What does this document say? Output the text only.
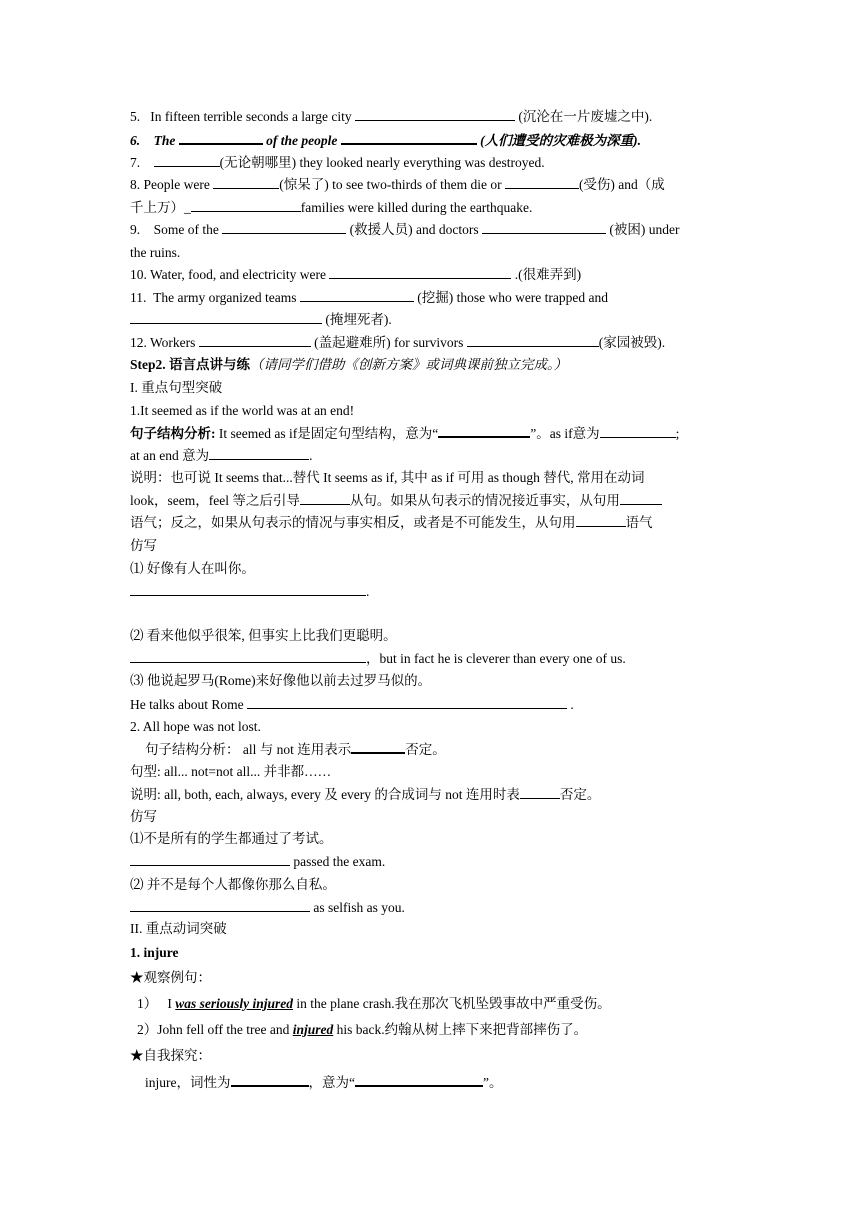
5.   In fifteen terrible seconds a large city	(沉沦在一片废墟之中).
6.    The	of the people	(人们遭受的灾难极为深重).
7.	(无论朝哪里) they looked nearly everything was destroyed.
8. People were	(惊呆了) to see two-thirds of them die or	(受伤) and（成
千上万）_	families were killed during the earthquake.
9.    Some of the	(救援人员) and doctors	(被困) under
the ruins.
10. Water, food, and electricity were	.(很难弄到)
11.  The army organized teams	(挖掘) those who were trapped and
(掩埋死者).
12. Workers	(盖起避难所) for survivors	(家园被毁).
Step2. 语言点讲与练（请同学们借助《创新方案》或词典课前独立完成。）
I. 重点句型突破
1.It seemed as if the world was at an end!
句子结构分析: It seemed as if是固定句型结构，意为“	”。as if意为	;
at an end 意为	.
说明：也可说 It seems that...替代 It seems as if, 其中 as if 可用 as though 替代, 常用在动词
look，seem，feel 等之后引导	从句。如果从句表示的情况接近事实，从句用
语气；反之，如果从句表示的情况与事实相反，或者是不可能发生，从句用	语气
仿写
⑴ 好像有人在叫你。
.
⑵ 看来他似乎很笨, 但事实上比我们更聪明。
，but in fact he is cleverer than every one of us.
⑶ 他说起罗马(Rome)来好像他以前去过罗马似的。
He talks about Rome	.
2. All hope was not lost.
句子结构分析： all 与 not 连用表示	否定。
句型: all... not=not all... 并非都……
说明: all, both, each, always, every 及 every 的合成词与 not 连用时表	否定。
仿写
⑴不是所有的学生都通过了考试。
passed the exam.
⑵ 并不是每个人都像你那么自私。
as selfish as you.
II. 重点动词突破
1. injure
★观察例句：
1）   I was seriously injured in the plane crash.我在那次飞机坠毁事故中严重受伤。
2）John fell off the tree and injured his back.约翰从树上摔下来把背部摔伤了。
★自我探究：
injure，词性为	，意为“	”。
